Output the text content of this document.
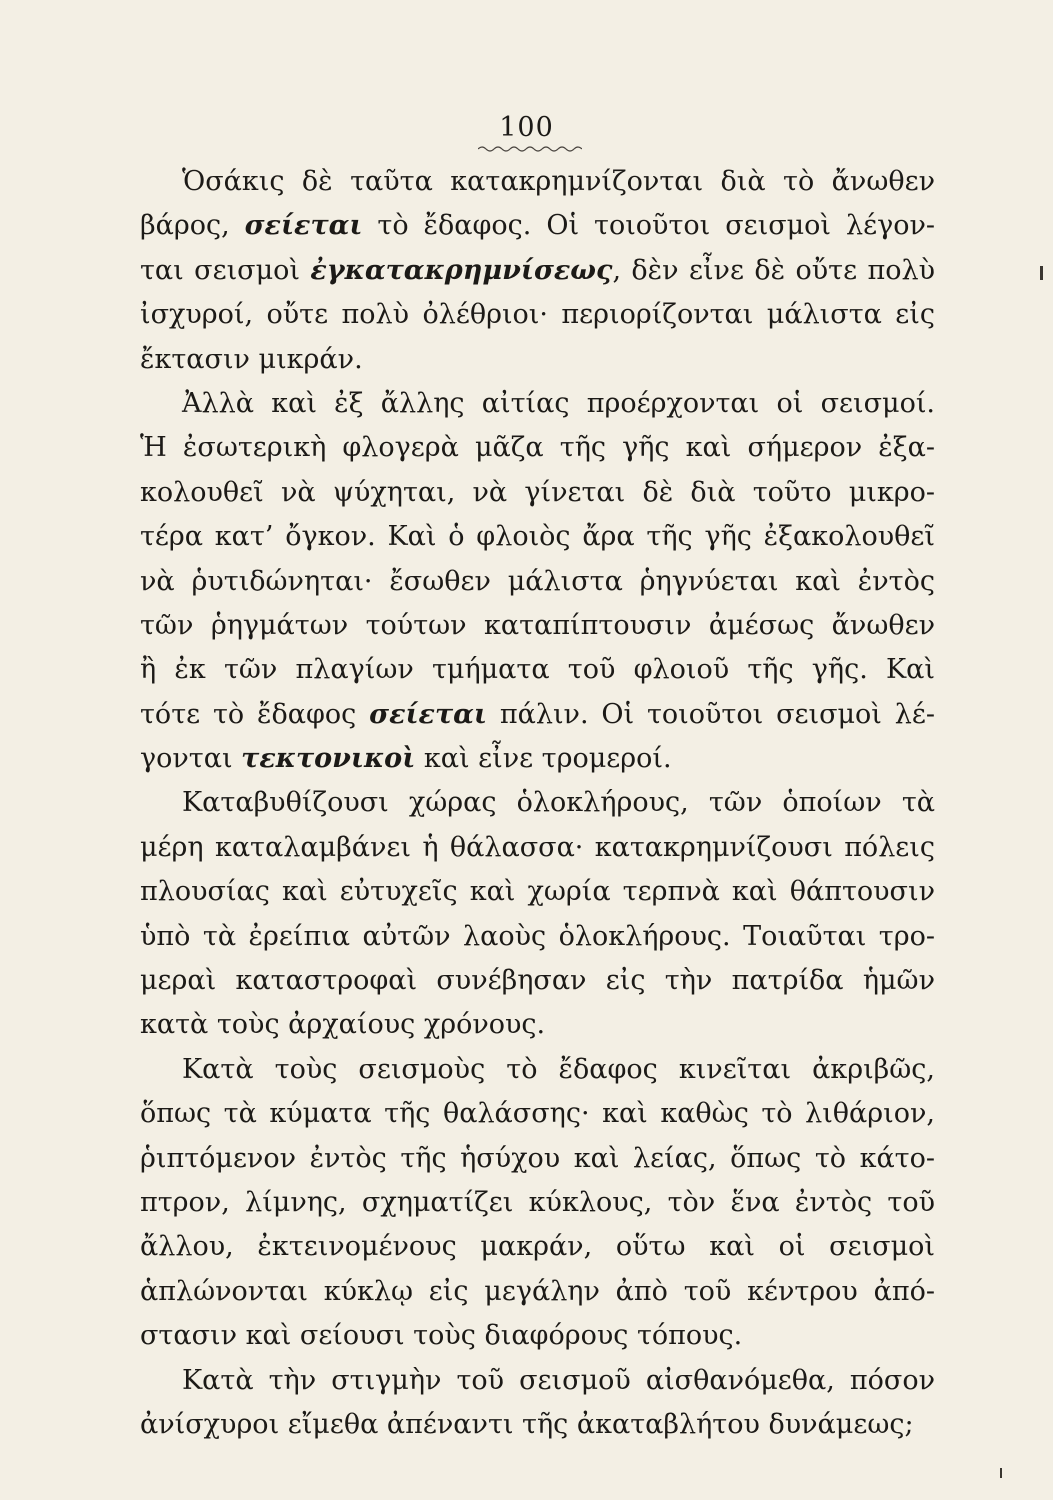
100
Ὁσάκις δὲ ταῦτα κατακρημνίζονται διὰ τὸ ἄνωθεν
βάρος, σείεται τὸ ἔδαφος. Οἱ τοιοῦτοι σεισμοὶ λέγον-
ται σεισμοὶ ἐγκατακρημνίσεως, δὲν εἶνε δὲ οὔτε πολὺ
ἰσχυροί, οὔτε πολὺ ὀλέθριοι· περιορίζονται μάλιστα εἰς
ἔκτασιν μικράν.
Ἀλλὰ καὶ ἐξ ἄλλης αἰτίας προέρχονται οἱ σεισμοί.
Ἡ ἐσωτερικὴ φλογερὰ μᾶζα τῆς γῆς καὶ σήμερον ἐξα-
κολουθεῖ νὰ ψύχηται, νὰ γίνεται δὲ διὰ τοῦτο μικρο-
τέρα κατ’ ὄγκον. Καὶ ὁ φλοιὸς ἄρα τῆς γῆς ἐξακολουθεῖ
νὰ ῥυτιδώνηται· ἔσωθεν μάλιστα ῥηγνύεται καὶ ἐντὸς
τῶν ῥηγμάτων τούτων καταπίπτουσιν ἀμέσως ἄνωθεν
ἢ ἐκ τῶν πλαγίων τμήματα τοῦ φλοιοῦ τῆς γῆς. Καὶ
τότε τὸ ἔδαφος σείεται πάλιν. Οἱ τοιοῦτοι σεισμοὶ λέ-
γονται τεκτονικοὶ καὶ εἶνε τρομεροί.
Καταβυθίζουσι χώρας ὁλοκλήρους, τῶν ὁποίων τὰ
μέρη καταλαμβάνει ἡ θάλασσα· κατακρημνίζουσι πόλεις
πλουσίας καὶ εὐτυχεῖς καὶ χωρία τερπνὰ καὶ θάπτουσιν
ὑπὸ τὰ ἐρείπια αὐτῶν λαοὺς ὁλοκλήρους. Τοιαῦται τρο-
μεραὶ καταστροφαὶ συνέβησαν εἰς τὴν πατρίδα ἡμῶν
κατὰ τοὺς ἀρχαίους χρόνους.
Κατὰ τοὺς σεισμοὺς τὸ ἔδαφος κινεῖται ἀκριβῶς,
ὅπως τὰ κύματα τῆς θαλάσσης· καὶ καθὼς τὸ λιθάριον,
ῥιπτόμενον ἐντὸς τῆς ἡσύχου καὶ λείας, ὅπως τὸ κάτο-
πτρον, λίμνης, σχηματίζει κύκλους, τὸν ἕνα ἐντὸς τοῦ
ἄλλου, ἐκτεινομένους μακράν, οὕτω καὶ οἱ σεισμοὶ
ἁπλώνονται κύκλῳ εἰς μεγάλην ἀπὸ τοῦ κέντρου ἀπό-
στασιν καὶ σείουσι τοὺς διαφόρους τόπους.
Κατὰ τὴν στιγμὴν τοῦ σεισμοῦ αἰσθανόμεθα, πόσον
ἀνίσχυροι εἴμεθα ἀπέναντι τῆς ἀκαταβλήτου δυνάμεως;
